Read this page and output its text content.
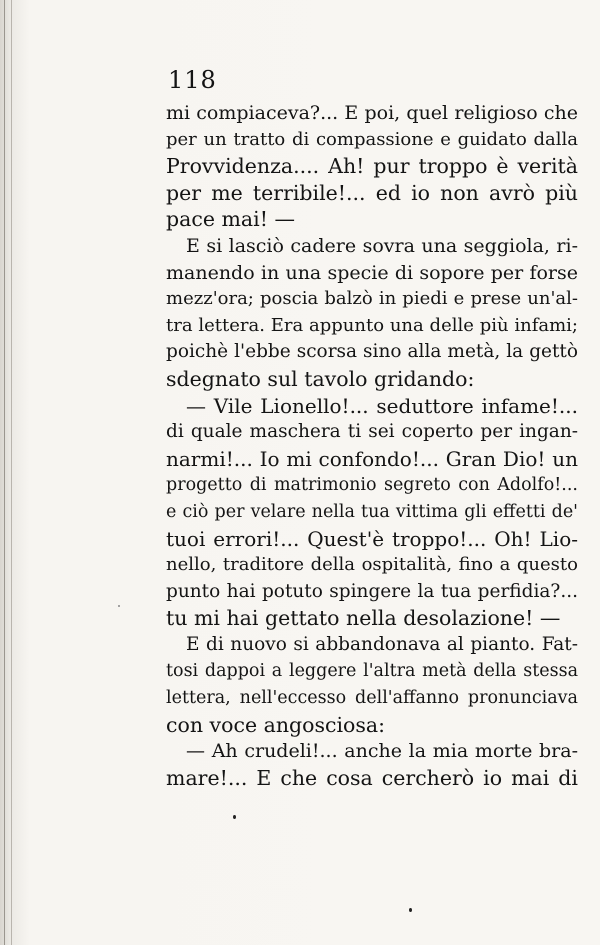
118
mi compiaceva?... E poi, quel religioso che
per un tratto di compassione e guidato dalla
Provvidenza.... Ah! pur troppo è verità
per me terribile!... ed io non avrò più
pace mai! —
E si lasciò cadere sovra una seggiola, ri-
manendo in una specie di sopore per forse
mezz'ora; poscia balzò in piedi e prese un'al-
tra lettera. Era appunto una delle più infami;
poichè l'ebbe scorsa sino alla metà, la gettò
sdegnato sul tavolo gridando:
— Vile Lionello!... seduttore infame!...
di quale maschera ti sei coperto per ingan-
narmi!... Io mi confondo!... Gran Dio! un
progetto di matrimonio segreto con Adolfo!...
e ciò per velare nella tua vittima gli effetti de'
tuoi errori!... Quest'è troppo!... Oh! Lio-
nello, traditore della ospitalità, fino a questo
punto hai potuto spingere la tua perfidia?...
tu mi hai gettato nella desolazione! —
E di nuovo si abbandonava al pianto. Fat-
tosi dappoi a leggere l'altra metà della stessa
lettera, nell'eccesso dell'affanno pronunciava
con voce angosciosa:
— Ah crudeli!... anche la mia morte bra-
mare!... E che cosa cercherò io mai di
